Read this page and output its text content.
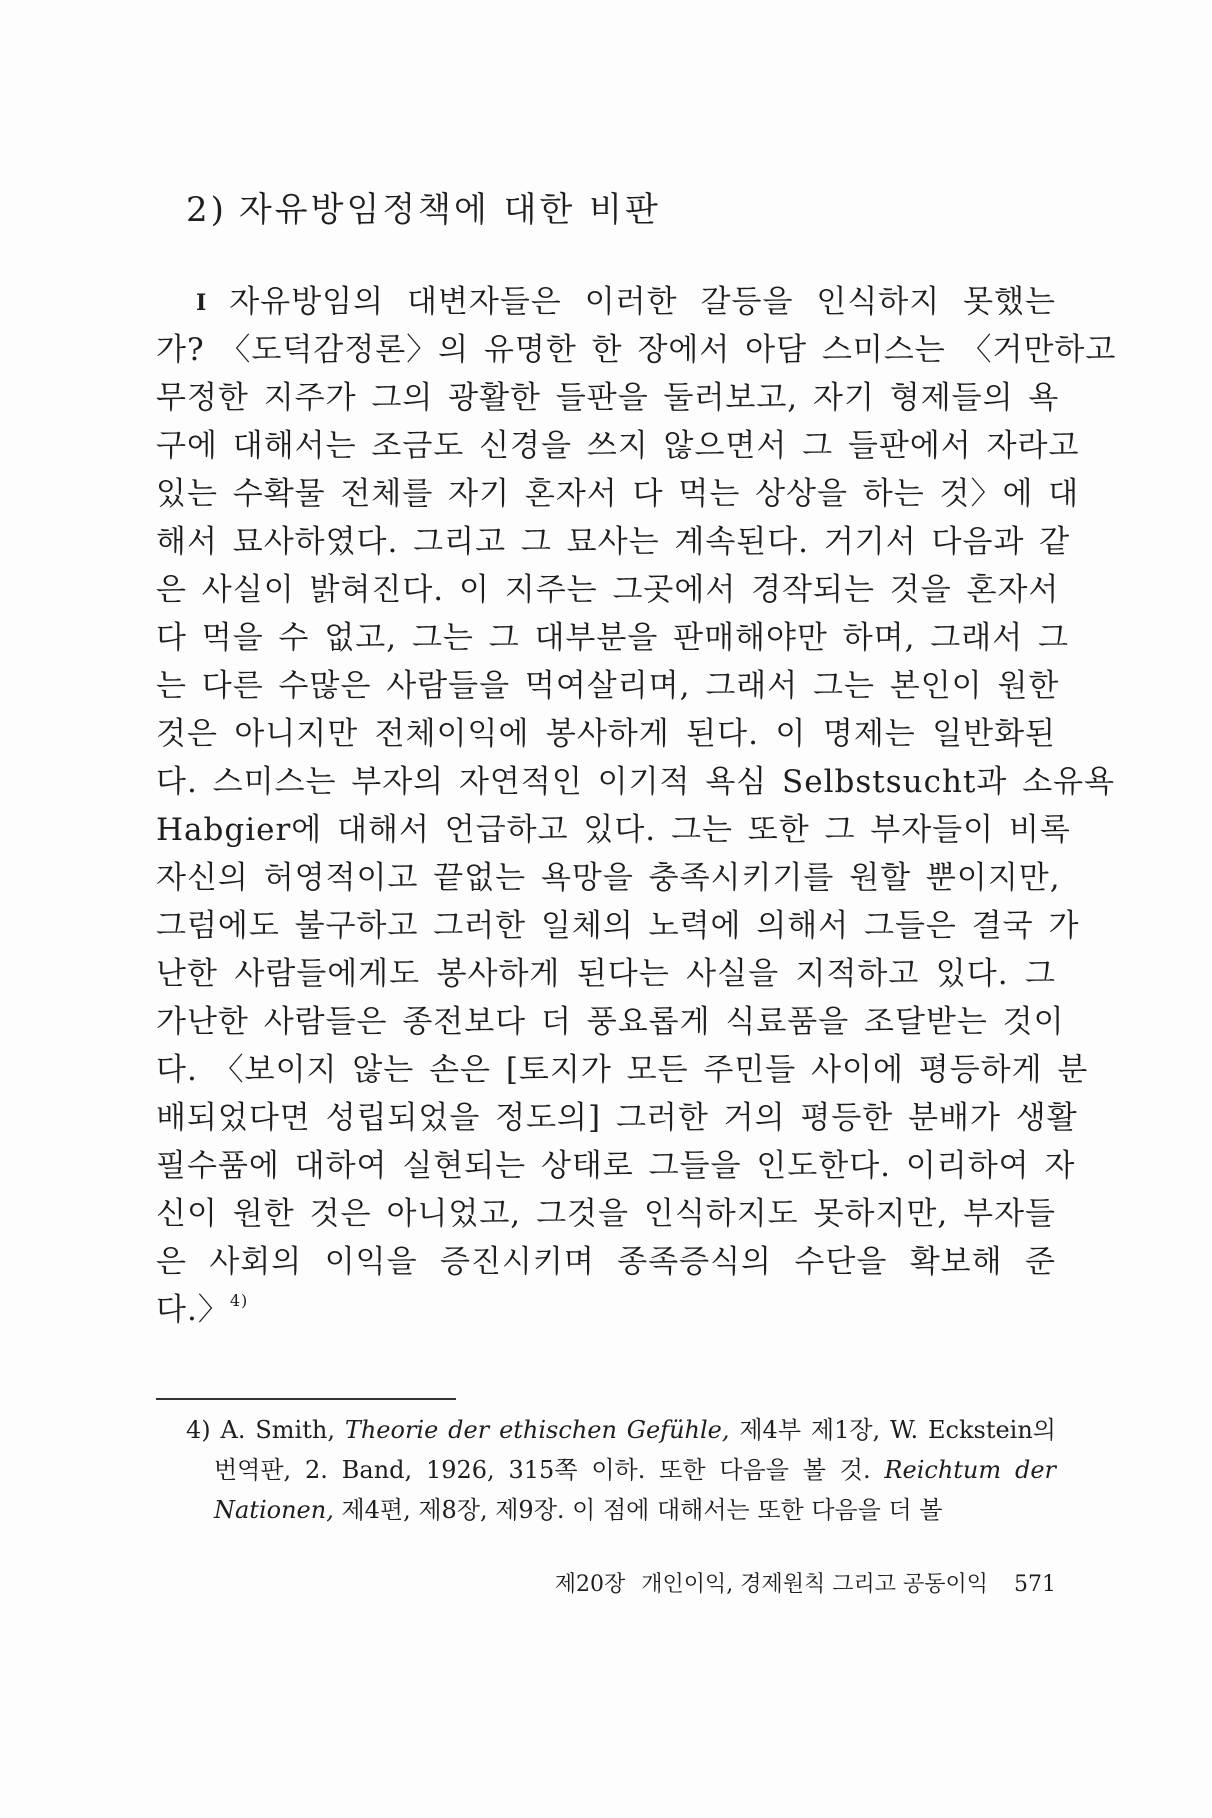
2) 자유방임정책에 대한 비판
I 자유방임의 대변자들은 이러한 갈등을 인식하지 못했는
가? 〈도덕감정론〉의 유명한 한 장에서 아담 스미스는 〈거만하고
무정한 지주가 그의 광활한 들판을 둘러보고, 자기 형제들의 욕
구에 대해서는 조금도 신경을 쓰지 않으면서 그 들판에서 자라고
있는 수확물 전체를 자기 혼자서 다 먹는 상상을 하는 것〉에 대
해서 묘사하였다. 그리고 그 묘사는 계속된다. 거기서 다음과 같
은 사실이 밝혀진다. 이 지주는 그곳에서 경작되는 것을 혼자서
다 먹을 수 없고, 그는 그 대부분을 판매해야만 하며, 그래서 그
는 다른 수많은 사람들을 먹여살리며, 그래서 그는 본인이 원한
것은 아니지만 전체이익에 봉사하게 된다. 이 명제는 일반화된
다. 스미스는 부자의 자연적인 이기적 욕심 Selbstsucht과 소유욕
Habgier에 대해서 언급하고 있다. 그는 또한 그 부자들이 비록
자신의 허영적이고 끝없는 욕망을 충족시키기를 원할 뿐이지만,
그럼에도 불구하고 그러한 일체의 노력에 의해서 그들은 결국 가
난한 사람들에게도 봉사하게 된다는 사실을 지적하고 있다. 그
가난한 사람들은 종전보다 더 풍요롭게 식료품을 조달받는 것이
다. 〈보이지 않는 손은 [토지가 모든 주민들 사이에 평등하게 분
배되었다면 성립되었을 정도의] 그러한 거의 평등한 분배가 생활
필수품에 대하여 실현되는 상태로 그들을 인도한다. 이리하여 자
신이 원한 것은 아니었고, 그것을 인식하지도 못하지만, 부자들
은 사회의 이익을 증진시키며 종족증식의 수단을 확보해 준
다.〉$^{4)}$
4) A. Smith, Theorie der ethischen Gefühle, 제4부 제1장, W. Eckstein의
번역판, 2. Band, 1926, 315쪽 이하. 또한 다음을 볼 것. Reichtum der
Nationen, 제4편, 제8장, 제9장. 이 점에 대해서는 또한 다음을 더 볼
제20장 개인이익, 경제원칙 그리고 공동이익 571
